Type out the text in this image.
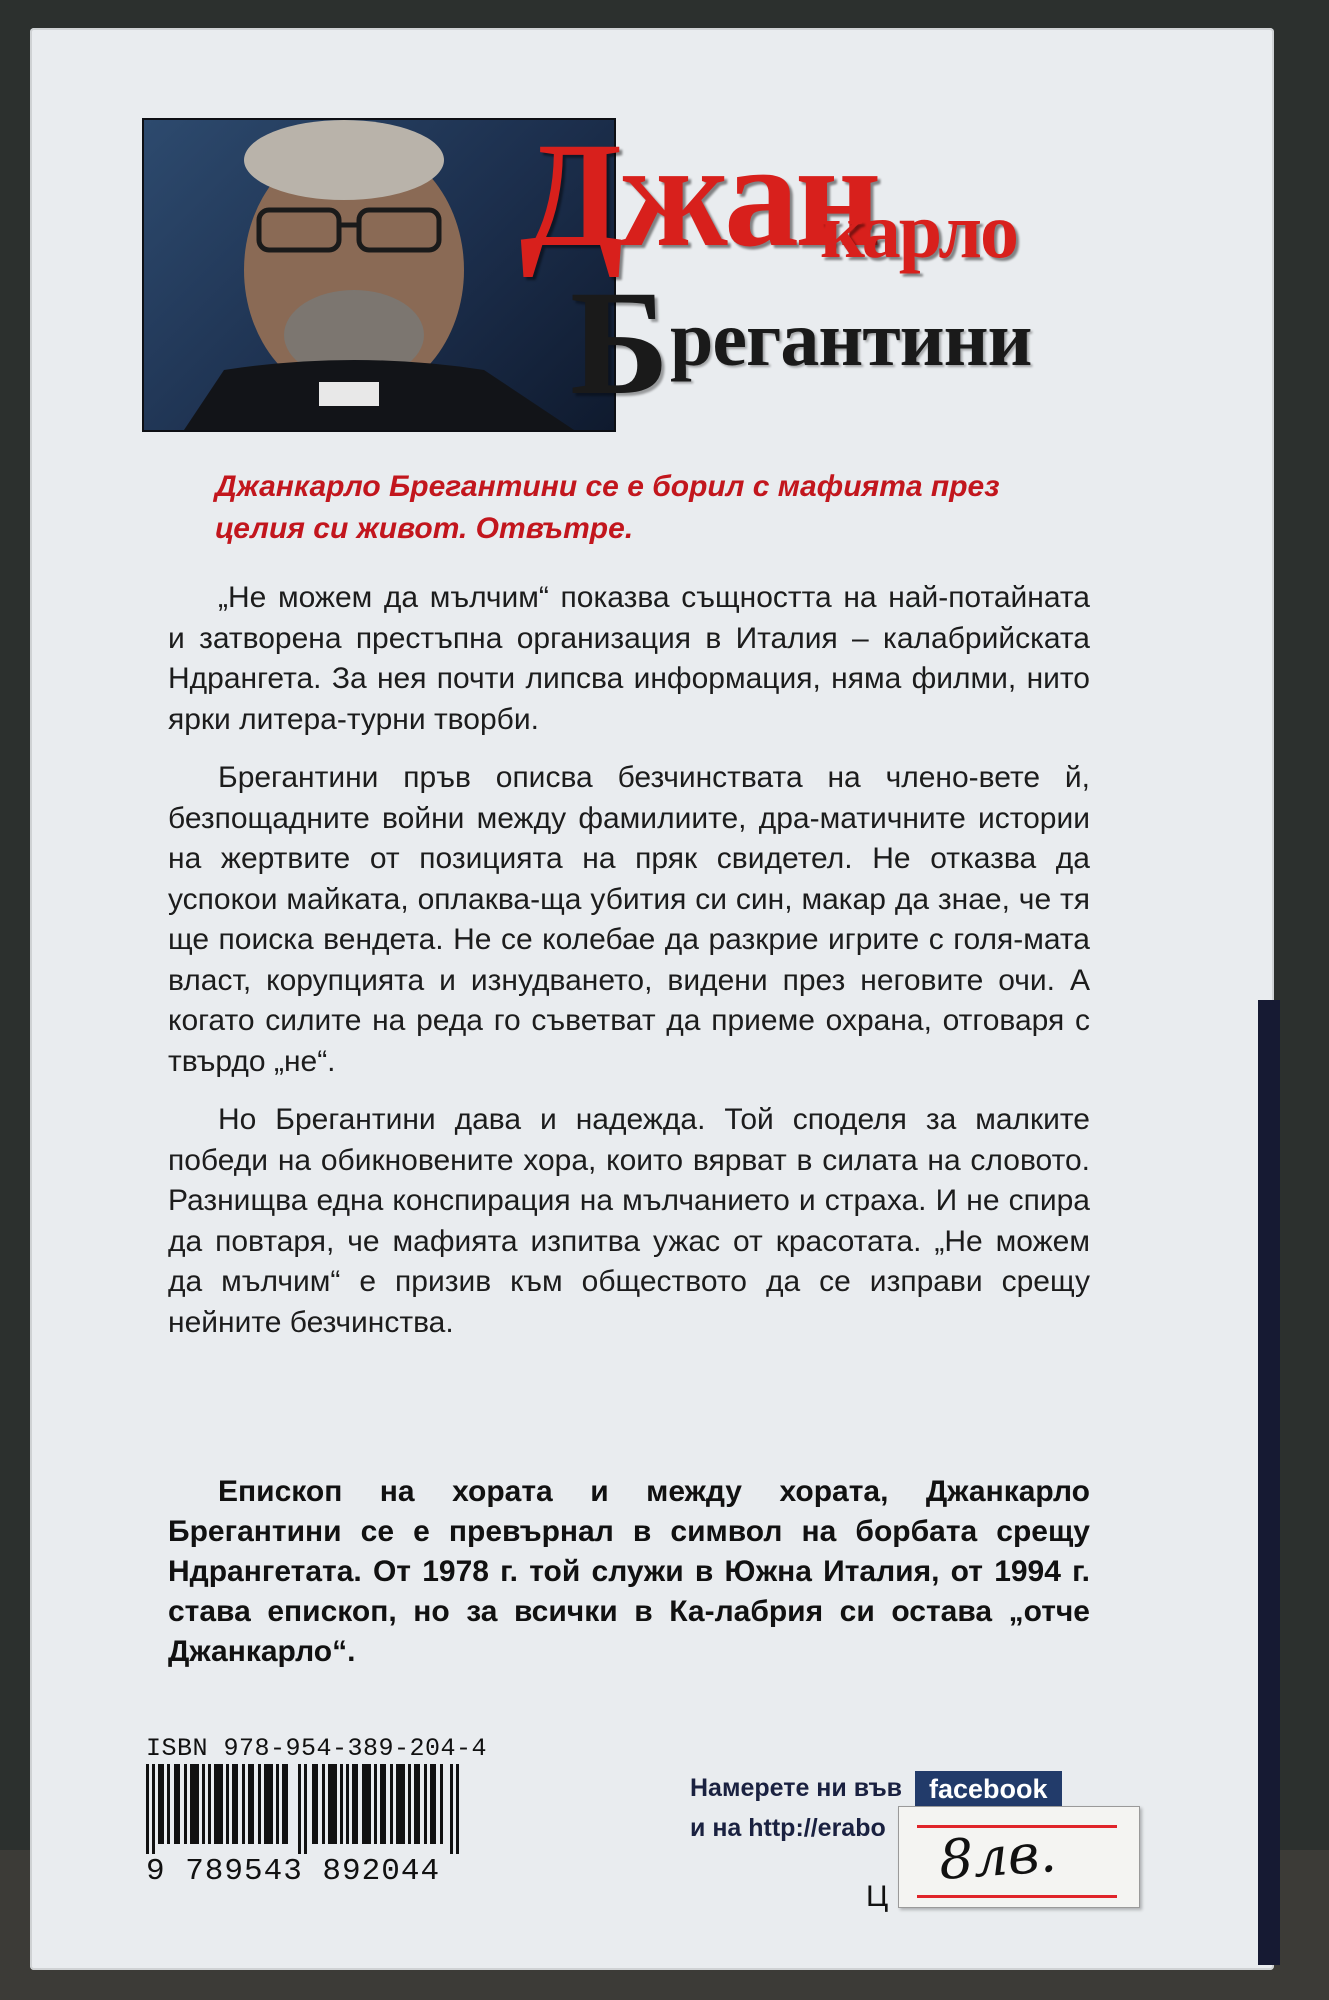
Джан
карло
Б регантини
Джанкарло Брегантини се е борил с мафията през целия си живот. Отвътре.

„Не можем да мълчим“ показва същността на най-потайната и затворена престъпна организация в Италия – калабрийската Ндрангета. За нея почти липсва информация, няма филми, нито ярки литера-турни творби.

Брегантини пръв описва безчинствата на члено-вете й, безпощадните войни между фамилиите, дра-матичните истории на жертвите от позицията на пряк свидетел. Не отказва да успокои майката, оплаква-ща убития си син, макар да знае, че тя ще поиска вендета. Не се колебае да разкрие игрите с голя-мата власт, корупцията и изнудването, видени през неговите очи. А когато силите на реда го съветват да приеме охрана, отговаря с твърдо „не“.

Но Брегантини дава и надежда. Той споделя за малките победи на обикновените хора, които вярват в силата на словото. Разнищва една конспирация на мълчанието и страха. И не спира да повтаря, че мафията изпитва ужас от красотата. „Не можем да мълчим“ е призив към обществото да се изправи срещу нейните безчинства.

Епископ на хората и между хората, Джанкарло Брегантини се е превърнал в символ на борбата срещу Ндрангетата. От 1978 г. той служи в Южна Италия, от 1994 г. става епископ, но за всички в Ка-лабрия си остава „отче Джанкарло“.

ISBN 978-954-389-204-4
9 789543 892044
Намерете ни във facebook
и на http://erabo
Ц
8лв.
